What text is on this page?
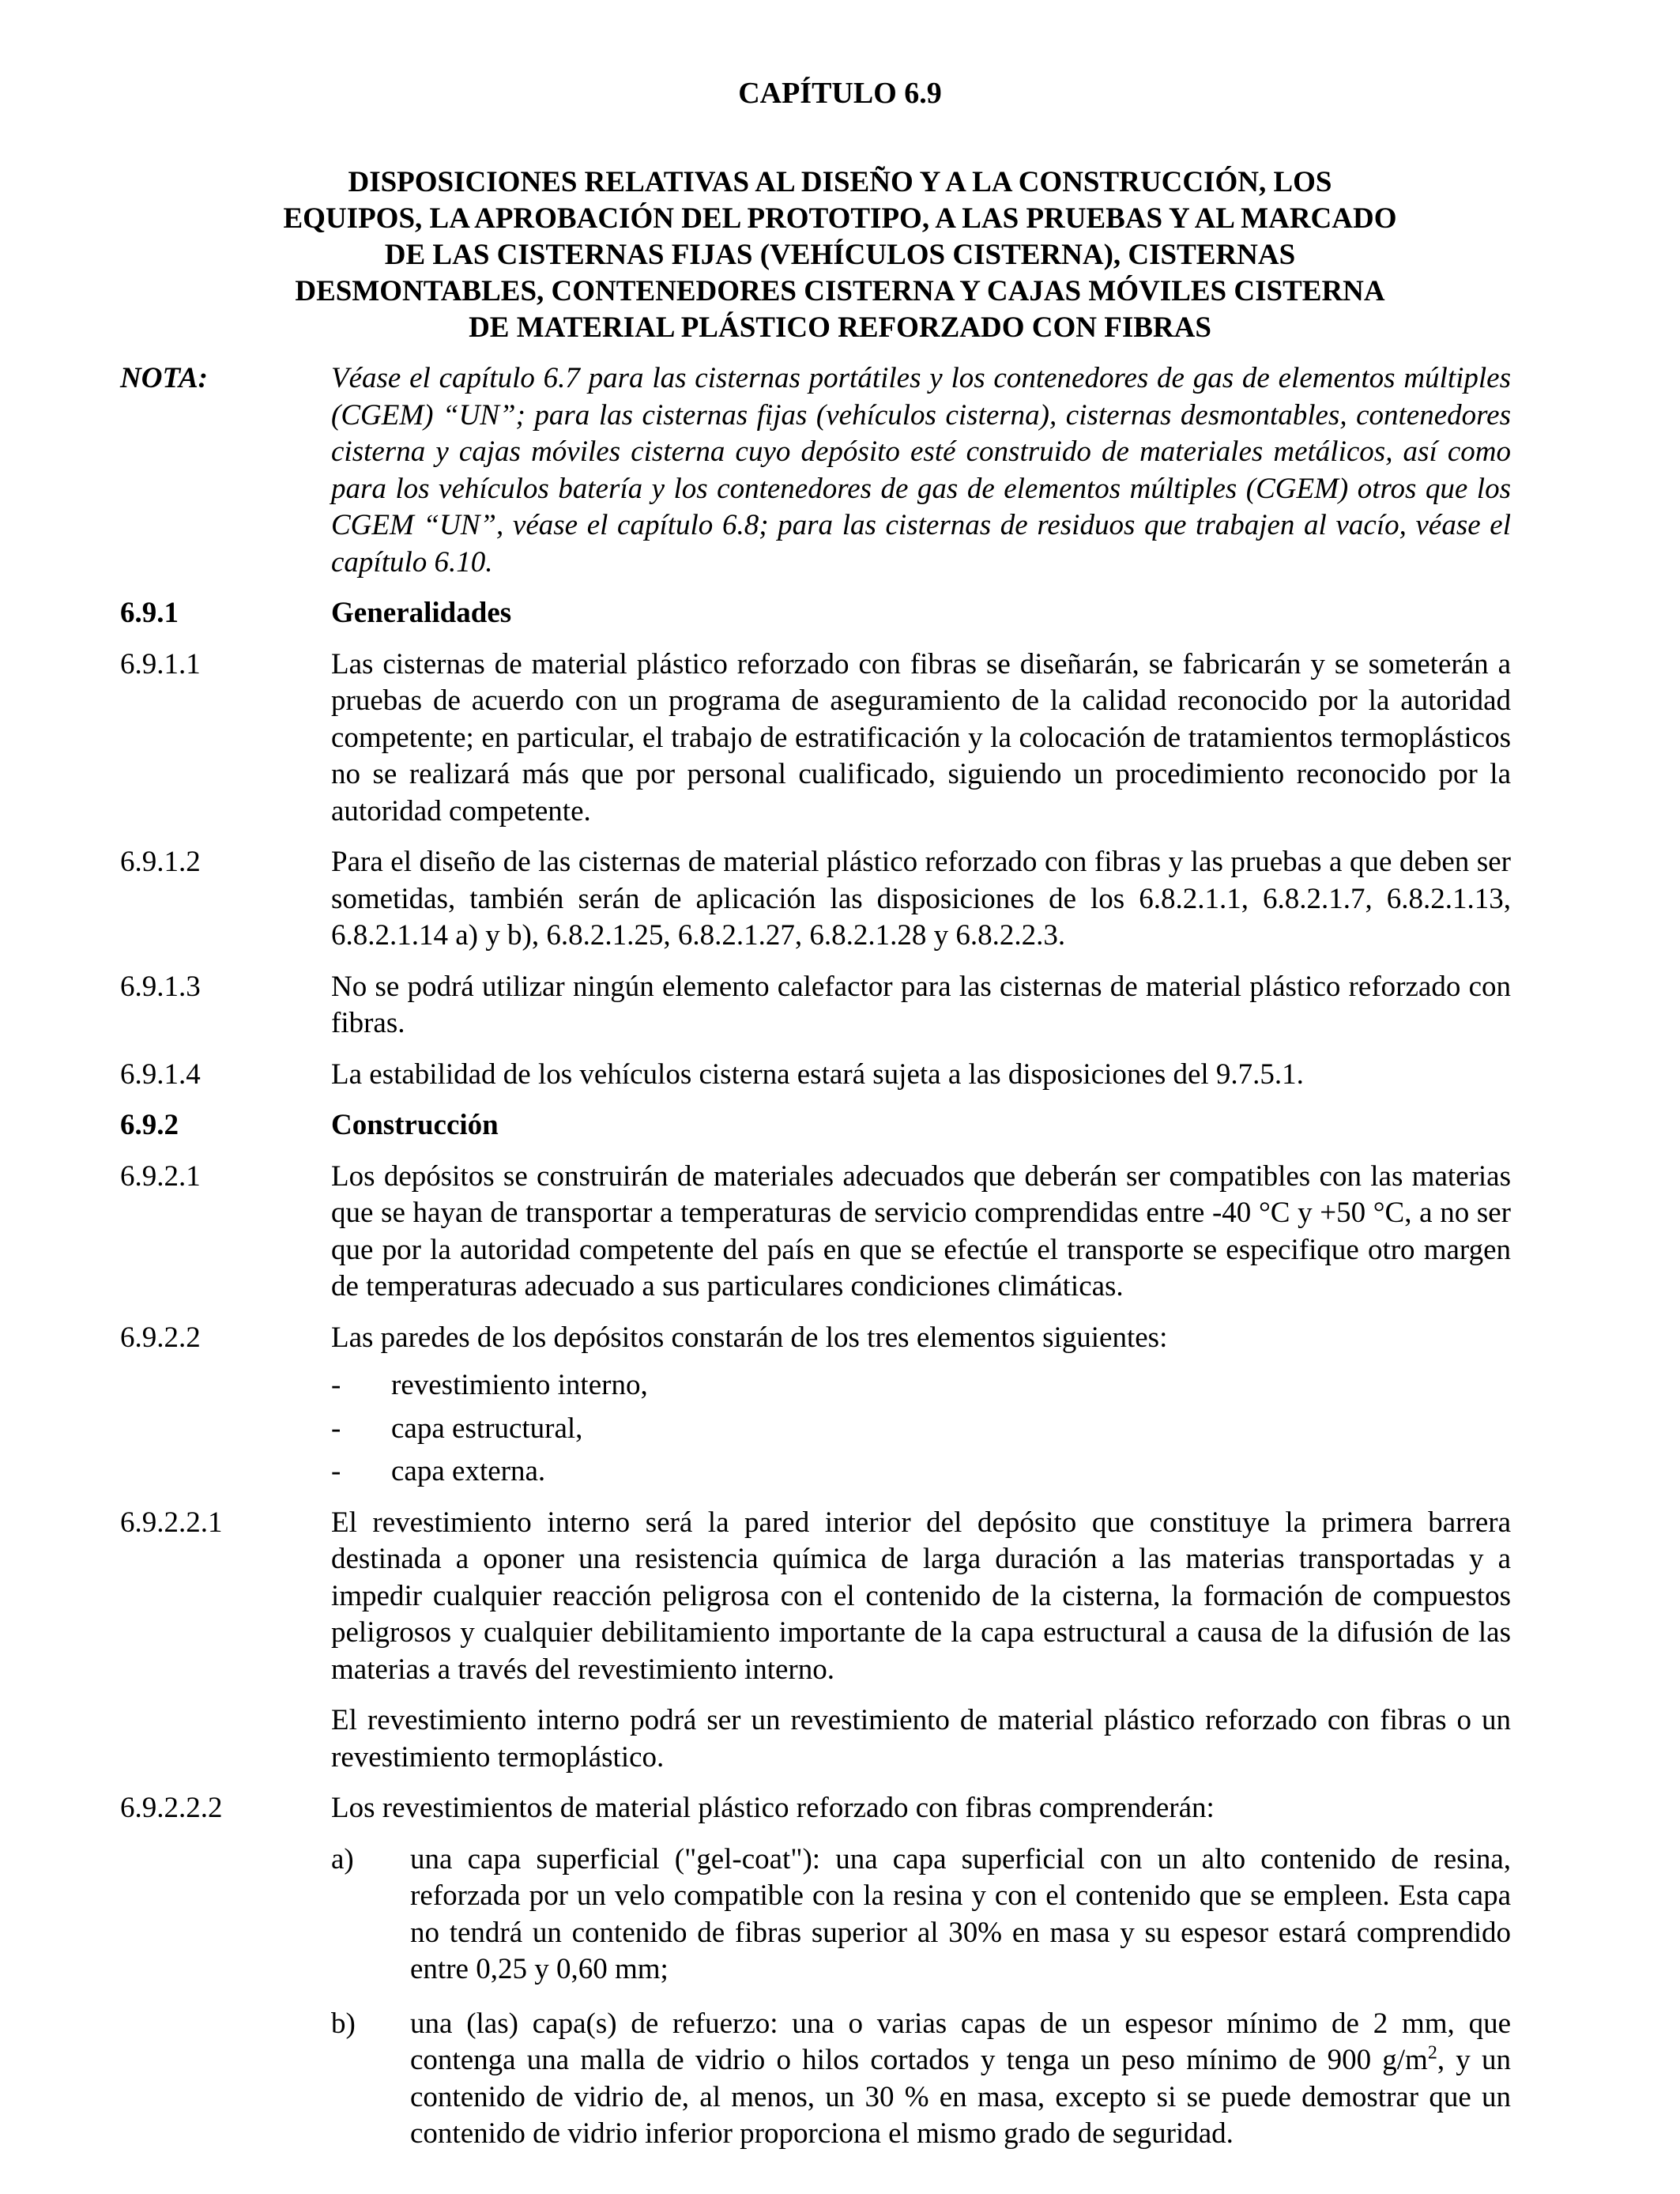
CAPÍTULO 6.9
DISPOSICIONES RELATIVAS AL DISEÑO Y A LA CONSTRUCCIÓN, LOS
EQUIPOS, LA APROBACIÓN DEL PROTOTIPO, A LAS PRUEBAS Y AL MARCADO
DE LAS CISTERNAS FIJAS (VEHÍCULOS CISTERNA), CISTERNAS
DESMONTABLES, CONTENEDORES CISTERNA Y CAJAS MÓVILES CISTERNA
DE MATERIAL PLÁSTICO REFORZADO CON FIBRAS
NOTA:	Véase el capítulo 6.7 para las cisternas portátiles y los contenedores de gas de elementos múltiples (CGEM) “UN”; para las cisternas fijas (vehículos cisterna), cisternas desmontables, contenedores cisterna y cajas móviles cisterna cuyo depósito esté construido de materiales metálicos, así como para los vehículos batería y los contenedores de gas de elementos múltiples (CGEM) otros que los CGEM “UN”, véase el capítulo 6.8; para las cisternas de residuos que trabajen al vacío, véase el capítulo 6.10.
6.9.1	Generalidades
6.9.1.1	Las cisternas de material plástico reforzado con fibras se diseñarán, se fabricarán y se someterán a pruebas de acuerdo con un programa de aseguramiento de la calidad reconocido por la autoridad competente; en particular, el trabajo de estratificación y la colocación de tratamientos termoplásticos no se realizará más que por personal cualificado, siguiendo un procedimiento reconocido por la autoridad competente.
6.9.1.2	Para el diseño de las cisternas de material plástico reforzado con fibras y las pruebas a que deben ser sometidas, también serán de aplicación las disposiciones de los 6.8.2.1.1, 6.8.2.1.7, 6.8.2.1.13, 6.8.2.1.14 a) y b), 6.8.2.1.25, 6.8.2.1.27, 6.8.2.1.28 y 6.8.2.2.3.
6.9.1.3	No se podrá utilizar ningún elemento calefactor para las cisternas de material plástico reforzado con fibras.
6.9.1.4	La estabilidad de los vehículos cisterna estará sujeta a las disposiciones del 9.7.5.1.
6.9.2	Construcción
6.9.2.1	Los depósitos se construirán de materiales adecuados que deberán ser compatibles con las materias que se hayan de transportar a temperaturas de servicio comprendidas entre -40 °C y +50 °C, a no ser que por la autoridad competente del país en que se efectúe el transporte se especifique otro margen de temperaturas adecuado a sus particulares condiciones climáticas.
6.9.2.2	Las paredes de los depósitos constarán de los tres elementos siguientes:
-	revestimiento interno,
-	capa estructural,
-	capa externa.
6.9.2.2.1	El revestimiento interno será la pared interior del depósito que constituye la primera barrera destinada a oponer una resistencia química de larga duración a las materias transportadas y a impedir cualquier reacción peligrosa con el contenido de la cisterna, la formación de compuestos peligrosos y cualquier debilitamiento importante de la capa estructural a causa de la difusión de las materias a través del revestimiento interno.
El revestimiento interno podrá ser un revestimiento de material plástico reforzado con fibras o un revestimiento termoplástico.
6.9.2.2.2	Los revestimientos de material plástico reforzado con fibras comprenderán:
a)	una capa superficial ("gel-coat"): una capa superficial con un alto contenido de resina, reforzada por un velo compatible con la resina y con el contenido que se empleen. Esta capa no tendrá un contenido de fibras superior al 30% en masa y su espesor estará comprendido entre 0,25 y 0,60 mm;
b)	una (las) capa(s) de refuerzo: una o varias capas de un espesor mínimo de 2 mm, que contenga una malla de vidrio o hilos cortados y tenga un peso mínimo de 900 $g/m^2$, y un contenido de vidrio de, al menos, un 30 % en masa, excepto si se puede demostrar que un contenido de vidrio inferior proporciona el mismo grado de seguridad.
